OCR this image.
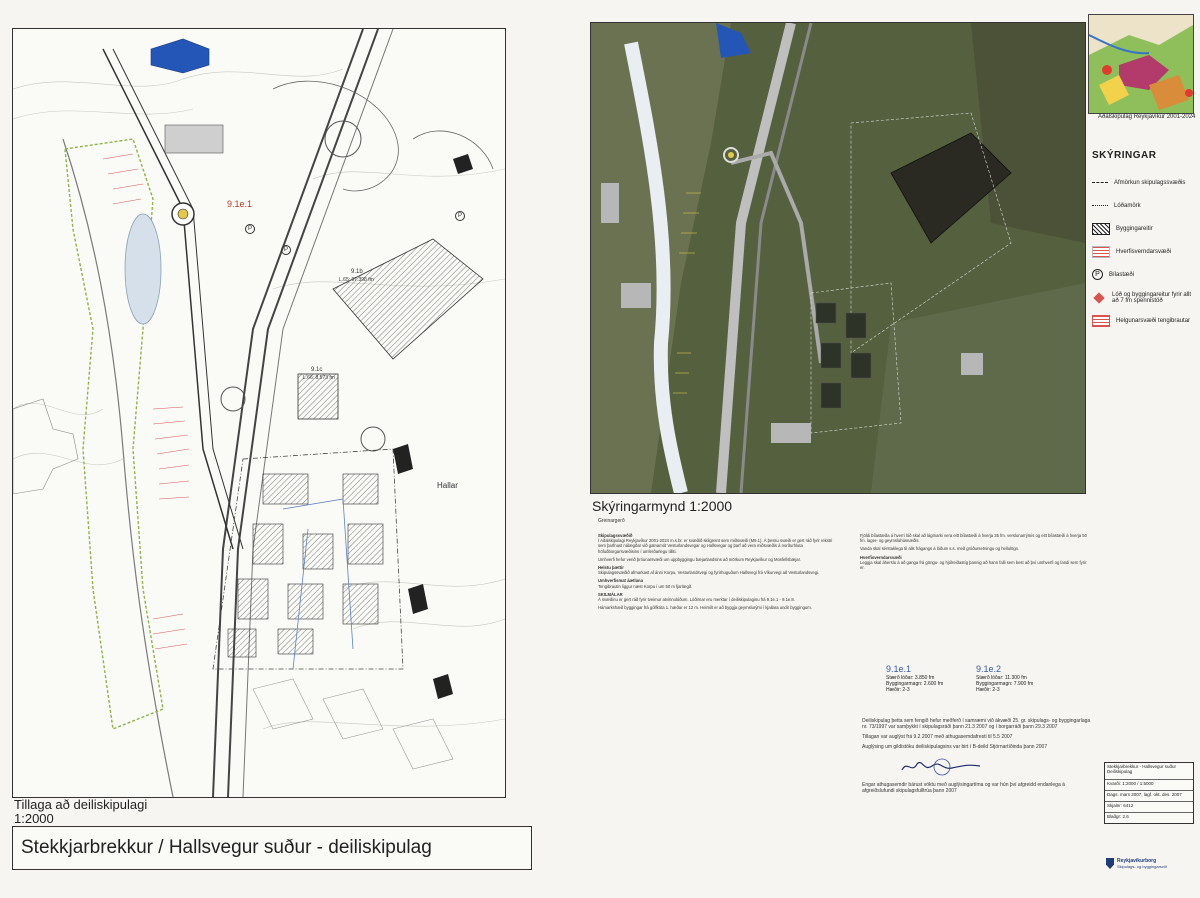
9.1e.1
9.1b
L.65: 97.398 fm
9.1c
L.66: 8.573 fm
Hallar
P
P
P
Tillaga að deiliskipulagi
1:2000
Stekkjarbrekkur / Hallsvegur suður - deiliskipulag
Aðalskipulag Reykjavíkur 2001-2024
SKÝRINGAR
Afmörkun skipulagssvæðis
Lóðamörk
Byggingareitir
Hverfisverndarsvæði
P	Bílastæði
Lóð og byggingareitur fyrir allt að 7 fm spennistöð
Helgunarsvæði tengibrautar
Skýringarmynd 1:2000
Greinargerð
Skipulagssvæðið
Í Aðalskipulagi Reykjavíkur 2001-2024 m.s.br. er svæðið skilgreint sem miðsvæði (M9.1). Á þessu svæði er gert ráð fyrir rekstri sem þarfnast nálægðar við gatnamót Vesturlandsvegar og Hallsvegar og þarf að vera miðsvæðis á norðurhluta höfuðborgarsvæðisins í umferðarlegu tilliti.
Umhverfi hefur verið þróunarsvæði um uppbyggingu bæjarlandsins að mörkum Reykjavíkur og Mosfellsbæjar.
Helstu þættir
Skipulagssvæðið afmarkast af ánni Korpu, Vesturlandsvegi og fyrirhuguðum Hallsvegi frá Víkurvegi að Vesturlandsvegi.
Umhverfismat áætlana
Tengibrautin liggur næst Korpu í um 50 m fjarlægð.
SKILMÁLAR
Á svæðinu er gert ráð fyrir tveimur atvinnulóðum. Lóðirnar eru merktar í deiliskipulaginu frá 9.1e.1 - 9.1e.8.
Hámarkshæð byggingar frá gólfkóta 1. hæðar er 12 m. Heimilt er að byggja geymslurými í kjallara undir byggingum.
Fjöldi bílastæða á hverri lóð skal að lágmarki vera eitt bílastæði á hverja 35 fm. verslunarrýmis og eitt bílastæði á hverja 50 fm. lager- og geymsluhúsnæðis.
Vanda skal sérstaklega til alls frágangs á lóðum s.s. með gróðursetningu og hellulögn.
Hverfisverndarsvæði
Leggja skal áherslu á að ganga frá göngu- og hjólreiðastíg þannig að hann falli sem best að því umhverfi og landi sem fyrir er.
9.1e.1
Stærð lóðar: 3.850 fm
Byggingarmagn: 2.600 fm
Hæðir: 2-3
9.1e.2
Stærð lóðar: 11.300 fm
Byggingarmagn: 7.900 fm
Hæðir: 2-3
Deiliskipulag þetta sem fengið hefur meðferð í samræmi við ákvæði 25. gr. skipulags- og byggingarlaga nr. 73/1997 var samþykkt í skipulagsráði þann 21.3 2007 og í borgarráði þann 29.3 2007
Tillagan var auglýst frá 9.2 2007 með athugasemdafresti til 5.5 2007
Auglýsing um gildistöku deiliskipulagsins var birt í B-deild Stjórnartíðinda þann 2007
Engar athugasemdir bárust vöktu með auglýsingartíma og var hún því afgreidd endanlega á afgreiðslufundi skipulagsfulltrúa þann 2007
Stekkjarbrekkur - Hallsvegur suður Deiliskipulag
Kvarði: 1:2000 / 1:5000
Dags. mars 2007, lagf. okt. des. 2007
Skjalnr: 6412
Blaðgr: 2.6
Reykjavíkurborg
Skipulags- og byggingarsvið
